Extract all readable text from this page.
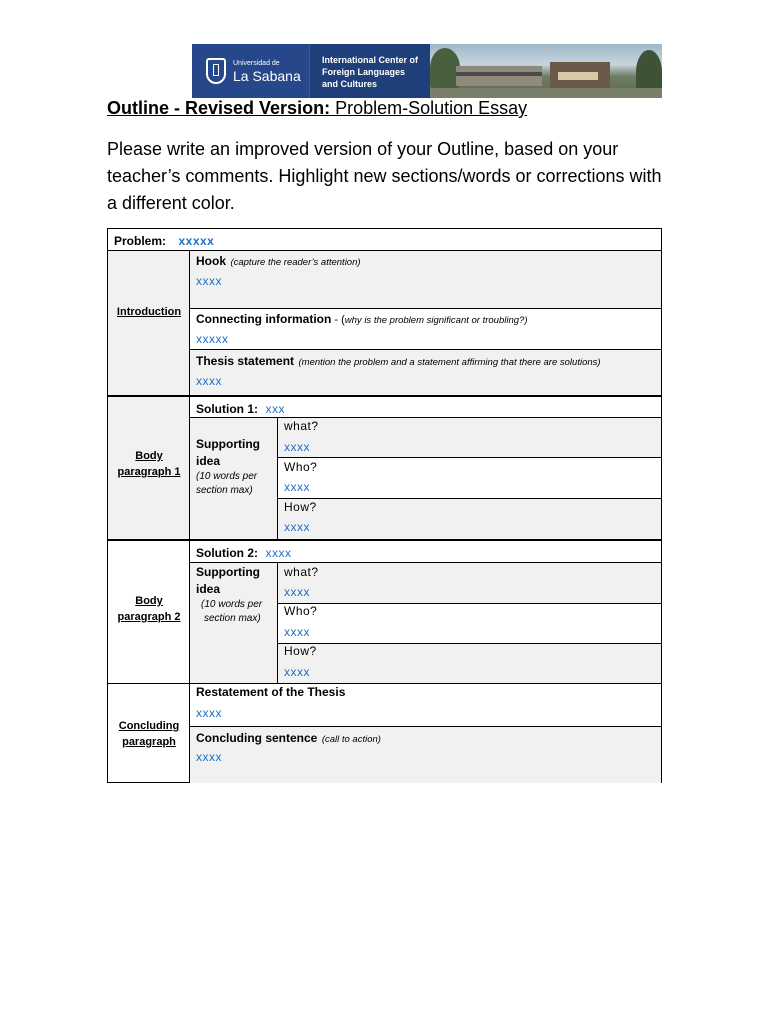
Universidad de
La Sabana
International Center of
Foreign Languages
and Cultures
Outline - Revised Version: Problem-Solution Essay
Please write an improved version of your Outline, based on your teacher’s comments. Highlight new sections/words or corrections with a different color.
Problem: xxxxx
Introduction
Hook (capture the reader’s attention)
xxxx
Connecting information - (why is the problem significant or troubling?)
xxxxx
Thesis statement (mention the problem and a statement affirming that there are solutions)
xxxx
Body
paragraph 1
Solution 1: xxx
Supporting
idea
(10 words per
section max)
what?
xxxx
Who?
xxxx
How?
xxxx
Body
paragraph 2
Solution 2: xxxx
Supporting
idea
(10 words per
section max)
what?
xxxx
Who?
xxxx
How?
xxxx
Concluding
paragraph
Restatement of the Thesis
xxxx
Concluding sentence (call to action)
xxxx
